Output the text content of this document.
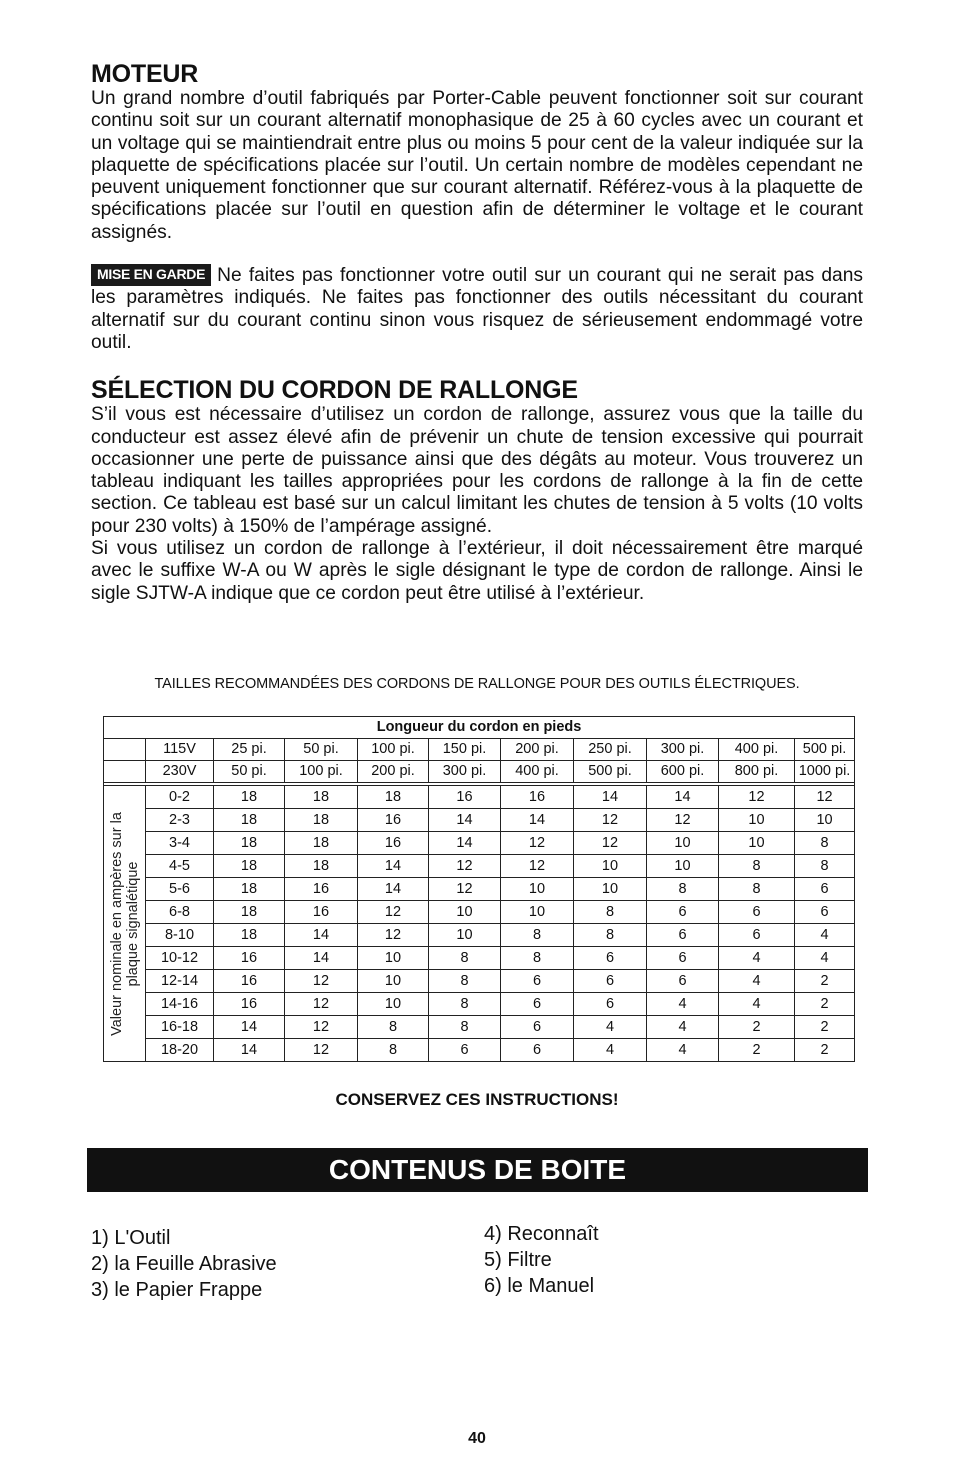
MOTEUR

Un grand nombre d’outil fabriqués par Porter-Cable peuvent fonctionner soit sur courant continu soit sur un courant alternatif monophasique de 25 à 60 cycles avec un courant et un voltage qui se maintiendrait entre plus ou moins 5 pour cent de la valeur indiquée sur la plaquette de spécifications placée sur l’outil. Un certain nombre de modèles cependant ne peuvent uniquement fonctionner que sur courant alternatif. Référez-vous à la plaquette de spécifications placée sur l’outil en question afin de déterminer le voltage et le courant assignés.

MISE EN GARDE Ne faites pas fonctionner votre outil sur un courant qui ne serait pas dans les paramètres indiqués. Ne faites pas fonctionner des outils nécessitant du courant alternatif sur du courant continu sinon vous risquez de sérieusement endommagé votre outil.

SÉLECTION DU CORDON DE RALLONGE

S’il vous est nécessaire d’utilisez un cordon de rallonge, assurez vous que la taille du conducteur est assez élevé afin de prévenir un chute de tension excessive qui pourrait occasionner une perte de puissance ainsi que des dégâts au moteur. Vous trouverez un tableau indiquant les tailles appropriées pour les cordons de rallonge à la fin de cette section. Ce tableau est basé sur un calcul limitant les chutes de tension à 5 volts (10 volts pour 230 volts) à 150% de l’ampérage assigné.

Si vous utilisez un cordon de rallonge à l’extérieur, il doit nécessairement être marqué avec le suffixe W-A ou W après le sigle désignant le type de cordon de rallonge. Ainsi le sigle SJTW-A indique que ce cordon peut être utilisé à l’extérieur.

TAILLES RECOMMANDÉES DES CORDONS DE RALLONGE POUR DES OUTILS ÉLECTRIQUES.
Longueur du cordon en pieds										
	115V	25 pi.	50 pi.	100 pi.	150 pi.	200 pi.	250 pi.	300 pi.	400 pi.	500 pi.
	230V	50 pi.	100 pi.	200 pi.	300 pi.	400 pi.	500 pi.	600 pi.	800 pi.	1000 pi.

Valeur nominale en ampères sur la plaque signalétique	0-2	18	18	18	16	16	14	14	12	12
	2-3	18	18	16	14	14	12	12	10	10
	3-4	18	18	16	14	12	12	10	10	8
	4-5	18	18	14	12	12	10	10	8	8
	5-6	18	16	14	12	10	10	8	8	6
	6-8	18	16	12	10	10	8	6	6	6
	8-10	18	14	12	10	8	8	6	6	4
	10-12	16	14	10	8	8	6	6	4	4
	12-14	16	12	10	8	6	6	6	4	2
	14-16	16	12	10	8	6	6	4	4	2
	16-18	14	12	8	8	6	4	4	2	2
	18-20	14	12	8	6	6	4	4	2	2
CONSERVEZ CES INSTRUCTIONS!
CONTENUS DE BOITE
1) L'Outil
2) la Feuille Abrasive
3) le Papier Frappe
4) Reconnaît
5) Filtre
6) le Manuel
40
